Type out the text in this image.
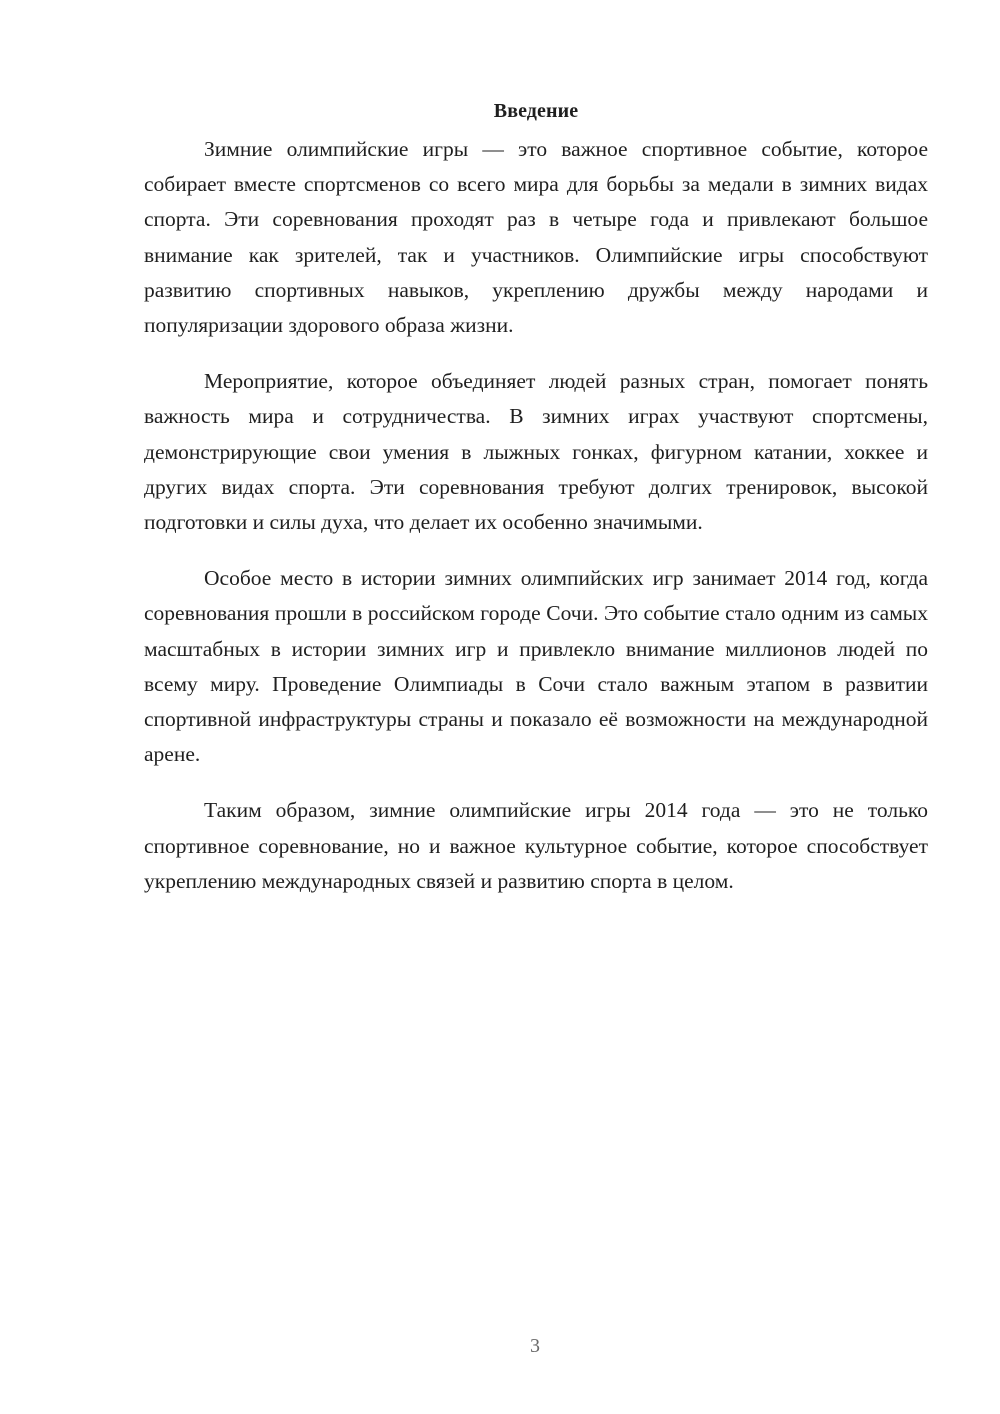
Введение

Зимние олимпийские игры — это важное спортивное событие, которое собирает вместе спортсменов со всего мира для борьбы за медали в зимних видах спорта. Эти соревнования проходят раз в четыре года и привлекают большое внимание как зрителей, так и участников. Олимпийские игры способствуют развитию спортивных навыков, укреплению дружбы между народами и популяризации здорового образа жизни.

Мероприятие, которое объединяет людей разных стран, помогает понять важность мира и сотрудничества. В зимних играх участвуют спортсмены, демонстрирующие свои умения в лыжных гонках, фигурном катании, хоккее и других видах спорта. Эти соревнования требуют долгих тренировок, высокой подготовки и силы духа, что делает их особенно значимыми.

Особое место в истории зимних олимпийских игр занимает 2014 год, когда соревнования прошли в российском городе Сочи. Это событие стало одним из самых масштабных в истории зимних игр и привлекло внимание миллионов людей по всему миру. Проведение Олимпиады в Сочи стало важным этапом в развитии спортивной инфраструктуры страны и показало её возможности на международной арене.

Таким образом, зимние олимпийские игры 2014 года — это не только спортивное соревнование, но и важное культурное событие, которое способствует укреплению международных связей и развитию спорта в целом.

3
